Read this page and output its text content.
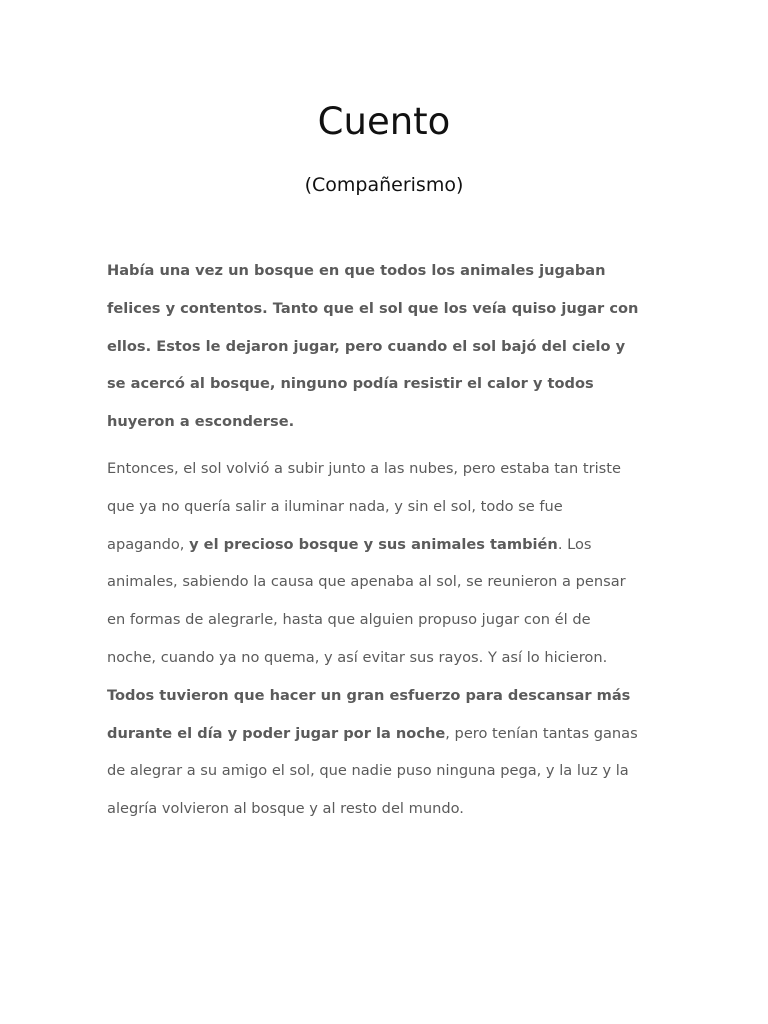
Cuento
(Compañerismo)

Había una vez un bosque en que todos los animales jugaban
felices y contentos. Tanto que el sol que los veía quiso jugar con
ellos. Estos le dejaron jugar, pero cuando el sol bajó del cielo y
se acercó al bosque, ninguno podía resistir el calor y todos
huyeron a esconderse.

Entonces, el sol volvió a subir junto a las nubes, pero estaba tan triste
que ya no quería salir a iluminar nada, y sin el sol, todo se fue
apagando, y el precioso bosque y sus animales también. Los
animales, sabiendo la causa que apenaba al sol, se reunieron a pensar
en formas de alegrarle, hasta que alguien propuso jugar con él de
noche, cuando ya no quema, y así evitar sus rayos. Y así lo hicieron.
Todos tuvieron que hacer un gran esfuerzo para descansar más
durante el día y poder jugar por la noche, pero tenían tantas ganas
de alegrar a su amigo el sol, que nadie puso ninguna pega, y la luz y la
alegría volvieron al bosque y al resto del mundo.
